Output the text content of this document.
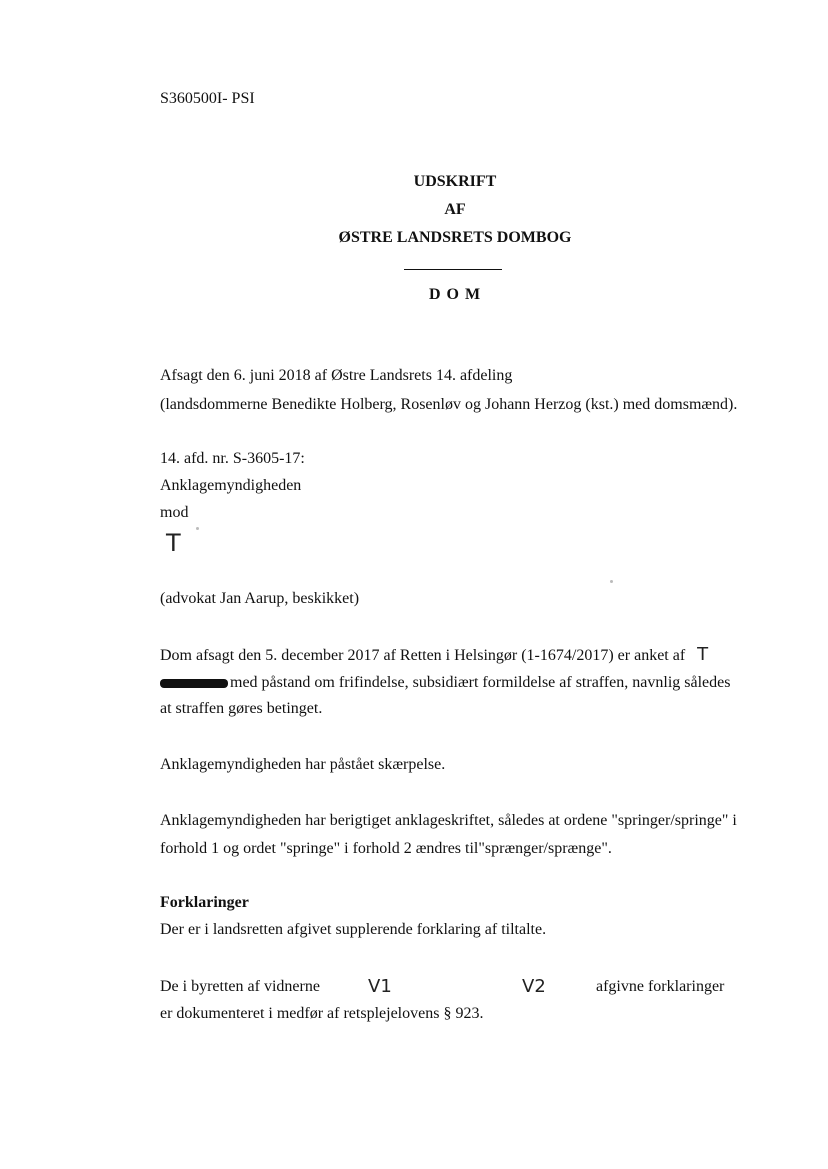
S360500I- PSI
UDSKRIFT
AF
ØSTRE LANDSRETS DOMBOG
D O M
Afsagt den 6. juni 2018 af Østre Landsrets 14. afdeling
(landsdommerne Benedikte Holberg, Rosenløv og Johann Herzog (kst.) med domsmænd).
14. afd. nr. S-3605-17:
Anklagemyndigheden
mod
T
(advokat Jan Aarup, beskikket)
Dom afsagt den 5. december 2017 af Retten i Helsingør (1-1674/2017) er anket af T
med påstand om frifindelse, subsidiært formildelse af straffen, navnlig således
at straffen gøres betinget.
Anklagemyndigheden har påstået skærpelse.
Anklagemyndigheden har berigtiget anklageskriftet, således at ordene "springer/springe" i
forhold 1 og ordet "springe" i forhold 2 ændres til"sprænger/sprænge".
Forklaringer
Der er i landsretten afgivet supplerende forklaring af tiltalte.
De i byretten af vidnerne	V1	V2	afgivne forklaringer
er dokumenteret i medfør af retsplejelovens § 923.
